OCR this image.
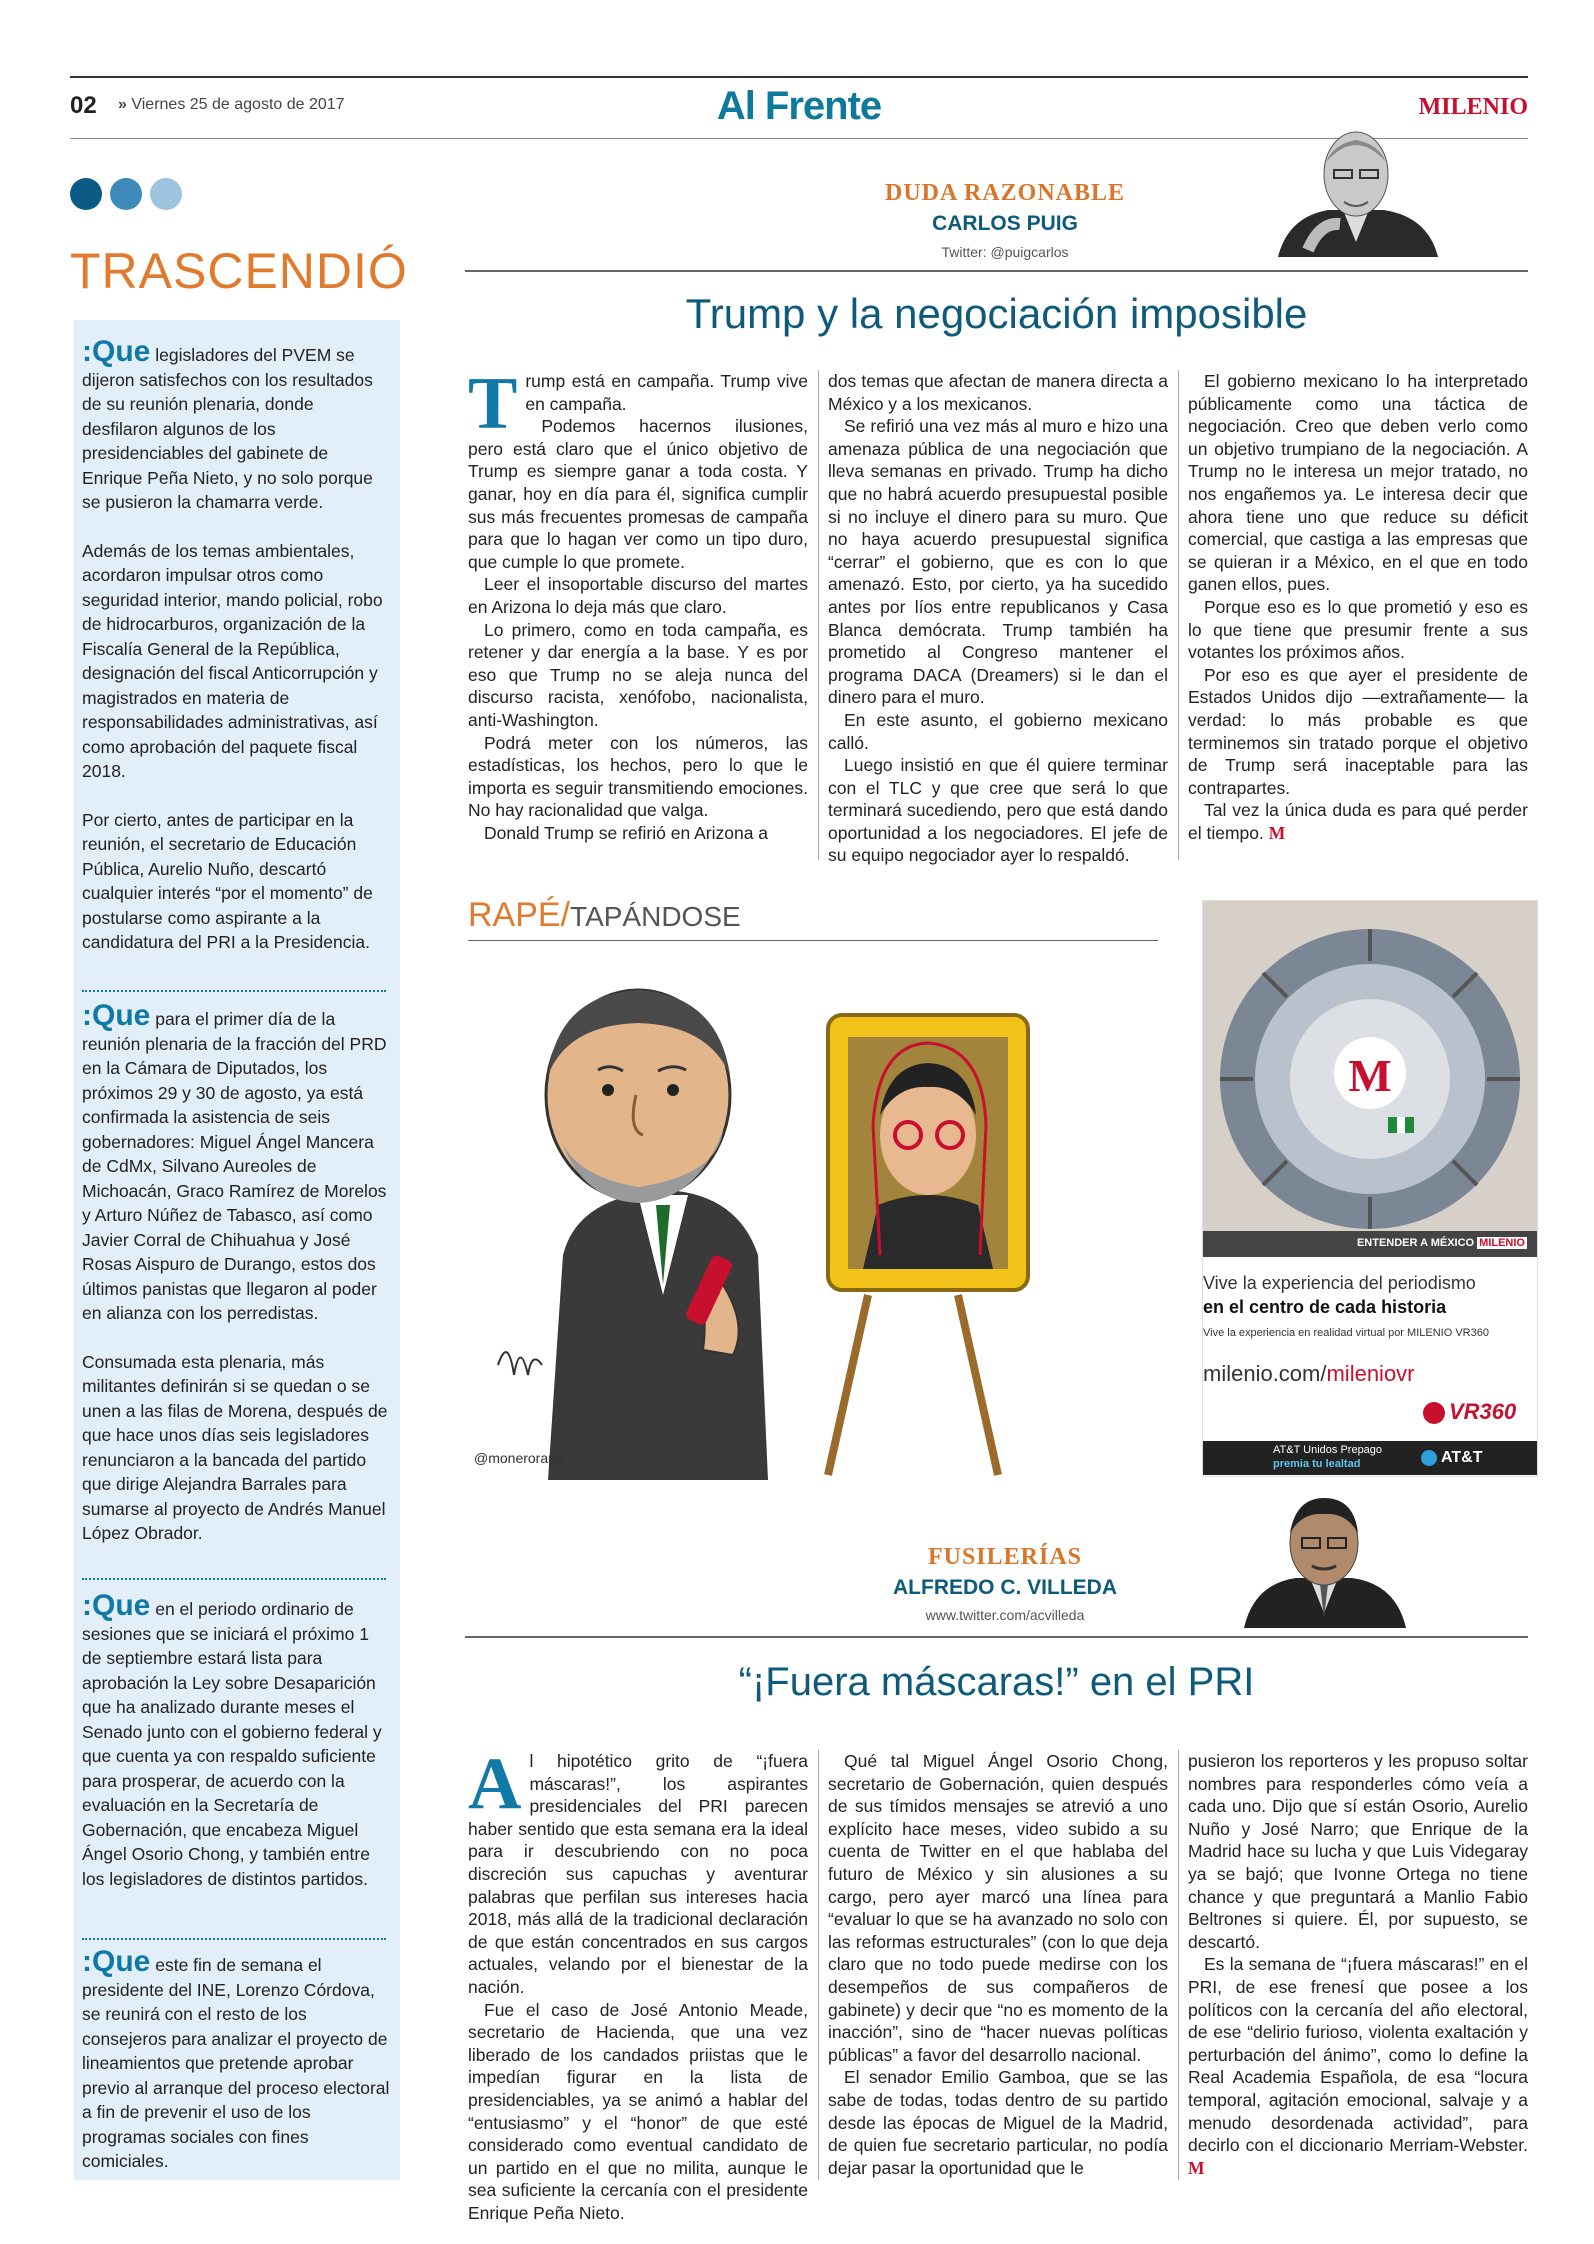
02 » Viernes 25 de agosto de 2017	Al Frente	MILENIO
TRASCENDIÓ

:Que legisladores del PVEM se dijeron satisfechos con los resultados de su reunión plenaria, donde desfilaron algunos de los presidenciables del gabinete de Enrique Peña Nieto, y no solo porque se pusieron la chamarra verde.

Además de los temas ambientales, acordaron impulsar otros como seguridad interior, mando policial, robo de hidrocarburos, organización de la Fiscalía General de la República, designación del fiscal Anticorrupción y magistrados en materia de responsabilidades administrativas, así como aprobación del paquete fiscal 2018.

Por cierto, antes de participar en la reunión, el secretario de Educación Pública, Aurelio Nuño, descartó cualquier interés “por el momento” de postularse como aspirante a la candidatura del PRI a la Presidencia.

:Que para el primer día de la reunión plenaria de la fracción del PRD en la Cámara de Diputados, los próximos 29 y 30 de agosto, ya está confirmada la asistencia de seis gobernadores: Miguel Ángel Mancera de CdMx, Silvano Aureoles de Michoacán, Graco Ramírez de Morelos y Arturo Núñez de Tabasco, así como Javier Corral de Chihuahua y José Rosas Aispuro de Durango, estos dos últimos panistas que llegaron al poder en alianza con los perredistas.

Consumada esta plenaria, más militantes definirán si se quedan o se unen a las filas de Morena, después de que hace unos días seis legisladores renunciaron a la bancada del partido que dirige Alejandra Barrales para sumarse al proyecto de Andrés Manuel López Obrador.

:Que en el periodo ordinario de sesiones que se iniciará el próximo 1 de septiembre estará lista para aprobación la Ley sobre Desaparición que ha analizado durante meses el Senado junto con el gobierno federal y que cuenta ya con respaldo suficiente para prosperar, de acuerdo con la evaluación en la Secretaría de Gobernación, que encabeza Miguel Ángel Osorio Chong, y también entre los legisladores de distintos partidos.

:Que este fin de semana el presidente del INE, Lorenzo Córdova, se reunirá con el resto de los consejeros para analizar el proyecto de lineamientos que pretende aprobar previo al arranque del proceso electoral a fin de prevenir el uso de los programas sociales con fines comiciales.

DUDA RAZONABLE
CARLOS PUIG
Twitter: @puigcarlos
Trump y la negociación imposible

Trump está en campaña. Trump vive en campaña.

Podemos hacernos ilusiones, pero está claro que el único objetivo de Trump es siempre ganar a toda costa. Y ganar, hoy en día para él, significa cumplir sus más frecuentes promesas de campaña para que lo hagan ver como un tipo duro, que cumple lo que promete.

Leer el insoportable discurso del martes en Arizona lo deja más que claro.

Lo primero, como en toda campaña, es retener y dar energía a la base. Y es por eso que Trump no se aleja nunca del discurso racista, xenófobo, nacionalista, anti-Washington.

Podrá meter con los números, las estadísticas, los hechos, pero lo que le importa es seguir transmitiendo emociones. No hay racionalidad que valga.

Donald Trump se refirió en Arizona a

dos temas que afectan de manera directa a México y a los mexicanos.

Se refirió una vez más al muro e hizo una amenaza pública de una negociación que lleva semanas en privado. Trump ha dicho que no habrá acuerdo presupuestal posible si no incluye el dinero para su muro. Que no haya acuerdo presupuestal significa “cerrar” el gobierno, que es con lo que amenazó. Esto, por cierto, ya ha sucedido antes por líos entre republicanos y Casa Blanca demócrata. Trump también ha prometido al Congreso mantener el programa DACA (Dreamers) si le dan el dinero para el muro.

En este asunto, el gobierno mexicano calló.

Luego insistió en que él quiere terminar con el TLC y que cree que será lo que terminará sucediendo, pero que está dando oportunidad a los negociadores. El jefe de su equipo negociador ayer lo respaldó.

El gobierno mexicano lo ha interpretado públicamente como una táctica de negociación. Creo que deben verlo como un objetivo trumpiano de la negociación. A Trump no le interesa un mejor tratado, no nos engañemos ya. Le interesa decir que ahora tiene uno que reduce su déficit comercial, que castiga a las empresas que se quieran ir a México, en el que en todo ganen ellos, pues.

Porque eso es lo que prometió y eso es lo que tiene que presumir frente a sus votantes los próximos años.

Por eso es que ayer el presidente de Estados Unidos dijo —extrañamente— la verdad: lo más probable es que terminemos sin tratado porque el objetivo de Trump será inaceptable para las contrapartes.

Tal vez la única duda es para qué perder el tiempo. M

RAPÉ/TAPÁNDOSE
@monerorape
M
ENTENDER A MÉXICO MILENIO
Vive la experiencia del periodismo
en el centro de cada historia
Vive la experiencia en realidad virtual por MILENIO VR360
milenio.com/mileniovr
VR360
AT&T Unidos Prepago
premia tu lealtad	AT&T
FUSILERÍAS
ALFREDO C. VILLEDA
www.twitter.com/acvilleda
“¡Fuera máscaras!” en el PRI

Al hipotético grito de “¡fuera máscaras!”, los aspirantes presidenciales del PRI parecen haber sentido que esta semana era la ideal para ir descubriendo con no poca discreción sus capuchas y aventurar palabras que perfilan sus intereses hacia 2018, más allá de la tradicional declaración de que están concentrados en sus cargos actuales, velando por el bienestar de la nación.

Fue el caso de José Antonio Meade, secretario de Hacienda, que una vez liberado de los candados priistas que le impedían figurar en la lista de presidenciables, ya se animó a hablar del “entusiasmo” y el “honor” de que esté considerado como eventual candidato de un partido en el que no milita, aunque le sea suficiente la cercanía con el presidente Enrique Peña Nieto.

Qué tal Miguel Ángel Osorio Chong, secretario de Gobernación, quien después de sus tímidos mensajes se atrevió a uno explícito hace meses, video subido a su cuenta de Twitter en el que hablaba del futuro de México y sin alusiones a su cargo, pero ayer marcó una línea para “evaluar lo que se ha avanzado no solo con las reformas estructurales” (con lo que deja claro que no todo puede medirse con los desempeños de sus compañeros de gabinete) y decir que “no es momento de la inacción”, sino de “hacer nuevas políticas públicas” a favor del desarrollo nacional.

El senador Emilio Gamboa, que se las sabe de todas, todas dentro de su partido desde las épocas de Miguel de la Madrid, de quien fue secretario particular, no podía dejar pasar la oportunidad que le

pusieron los reporteros y les propuso soltar nombres para responderles cómo veía a cada uno. Dijo que sí están Osorio, Aurelio Nuño y José Narro; que Enrique de la Madrid hace su lucha y que Luis Videgaray ya se bajó; que Ivonne Ortega no tiene chance y que preguntará a Manlio Fabio Beltrones si quiere. Él, por supuesto, se descartó.

Es la semana de “¡fuera máscaras!” en el PRI, de ese frenesí que posee a los políticos con la cercanía del año electoral, de ese “delirio furioso, violenta exaltación y perturbación del ánimo”, como lo define la Real Academia Española, de esa “locura temporal, agitación emocional, salvaje y a menudo desordenada actividad”, para decirlo con el diccionario Merriam-Webster. M
